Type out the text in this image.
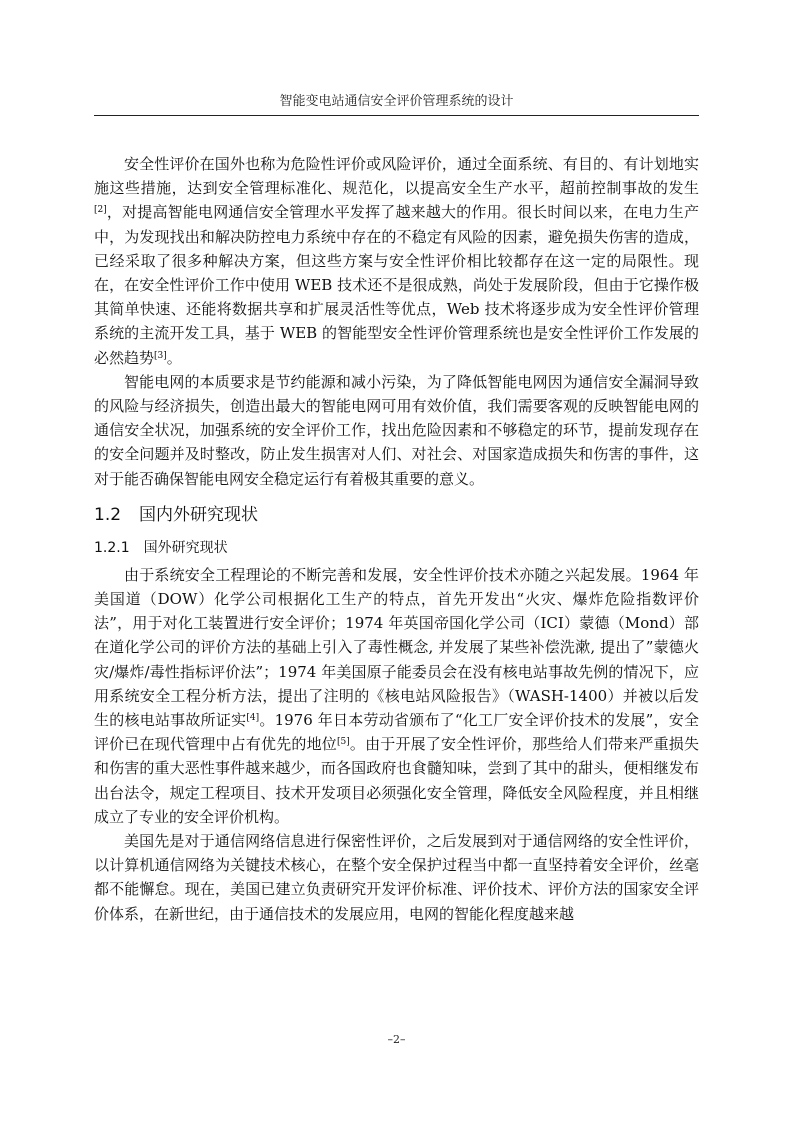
智能变电站通信安全评价管理系统的设计

安全性评价在国外也称为危险性评价或风险评价，通过全面系统、有目的、有计划地实施这些措施，达到安全管理标准化、规范化，以提高安全生产水平，超前控制事故的发生[2]，对提高智能电网通信安全管理水平发挥了越来越大的作用。很长时间以来，在电力生产中，为发现找出和解决防控电力系统中存在的不稳定有风险的因素，避免损失伤害的造成，已经采取了很多种解决方案，但这些方案与安全性评价相比较都存在这一定的局限性。现在，在安全性评价工作中使用 WEB 技术还不是很成熟，尚处于发展阶段，但由于它操作极其简单快速、还能将数据共享和扩展灵活性等优点，Web 技术将逐步成为安全性评价管理系统的主流开发工具，基于 WEB 的智能型安全性评价管理系统也是安全性评价工作发展的必然趋势[3]。

智能电网的本质要求是节约能源和减小污染，为了降低智能电网因为通信安全漏洞导致的风险与经济损失，创造出最大的智能电网可用有效价值，我们需要客观的反映智能电网的通信安全状况，加强系统的安全评价工作，找出危险因素和不够稳定的环节，提前发现存在的安全问题并及时整改，防止发生损害对人们、对社会、对国家造成损失和伤害的事件，这对于能否确保智能电网安全稳定运行有着极其重要的意义。

1.2 国内外研究现状
1.2.1 国外研究现状

由于系统安全工程理论的不断完善和发展，安全性评价技术亦随之兴起发展。1964 年美国道（DOW）化学公司根据化工生产的特点，首先开发出“火灾、爆炸危险指数评价法”，用于对化工装置进行安全评价；1974 年英国帝国化学公司（ICI）蒙德（Mond）部在道化学公司的评价方法的基础上引入了毒性概念, 并发展了某些补偿洗漱, 提出了”蒙德火灾/爆炸/毒性指标评价法”；1974 年美国原子能委员会在没有核电站事故先例的情况下，应用系统安全工程分析方法，提出了注明的《核电站风险报告》（WASH-1400）并被以后发生的核电站事故所证实[4]。1976 年日本劳动省颁布了“化工厂安全评价技术的发展”，安全评价已在现代管理中占有优先的地位[5]。由于开展了安全性评价，那些给人们带来严重损失和伤害的重大恶性事件越来越少，而各国政府也食髓知味，尝到了其中的甜头，便相继发布出台法令，规定工程项目、技术开发项目必须强化安全管理，降低安全风险程度，并且相继成立了专业的安全评价机构。

美国先是对于通信网络信息进行保密性评价，之后发展到对于通信网络的安全性评价，以计算机通信网络为关键技术核心，在整个安全保护过程当中都一直坚持着安全评价，丝毫都不能懈怠。现在，美国已建立负责研究开发评价标准、评价技术、评价方法的国家安全评价体系，在新世纪，由于通信技术的发展应用，电网的智能化程度越来越

–2–
